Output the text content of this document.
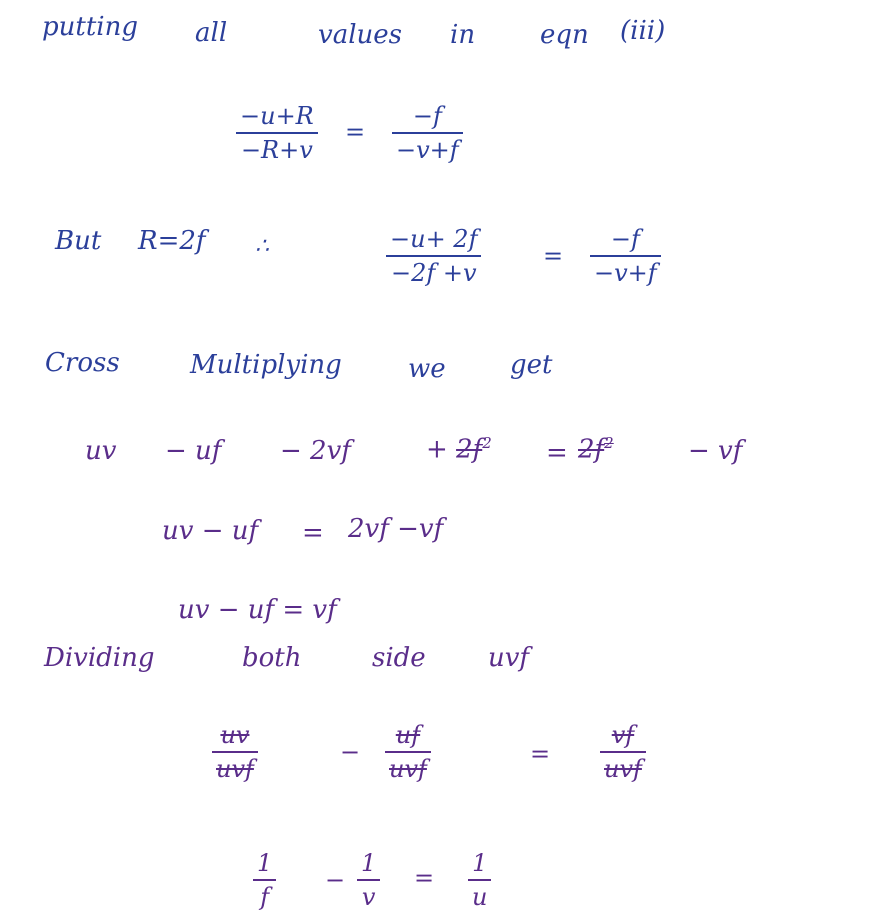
putting all	values in eqn (iii)
−u+R
−R+v
=
−f
−v+f
But R=2f ∴	−u+ 2f
−2f +v
=
−f
−v+f
Cross	Multiplying	we get
uv − uf − 2vf	+ $2f^2 = 2f^2$	− vf
uv − uf = 2vf −vf
uv − uf = vf
Dividing	both	side uvf
uv
uvf
−
uf
uvf
=
vf
uvf
1
f
−
1
v
=
1
u
